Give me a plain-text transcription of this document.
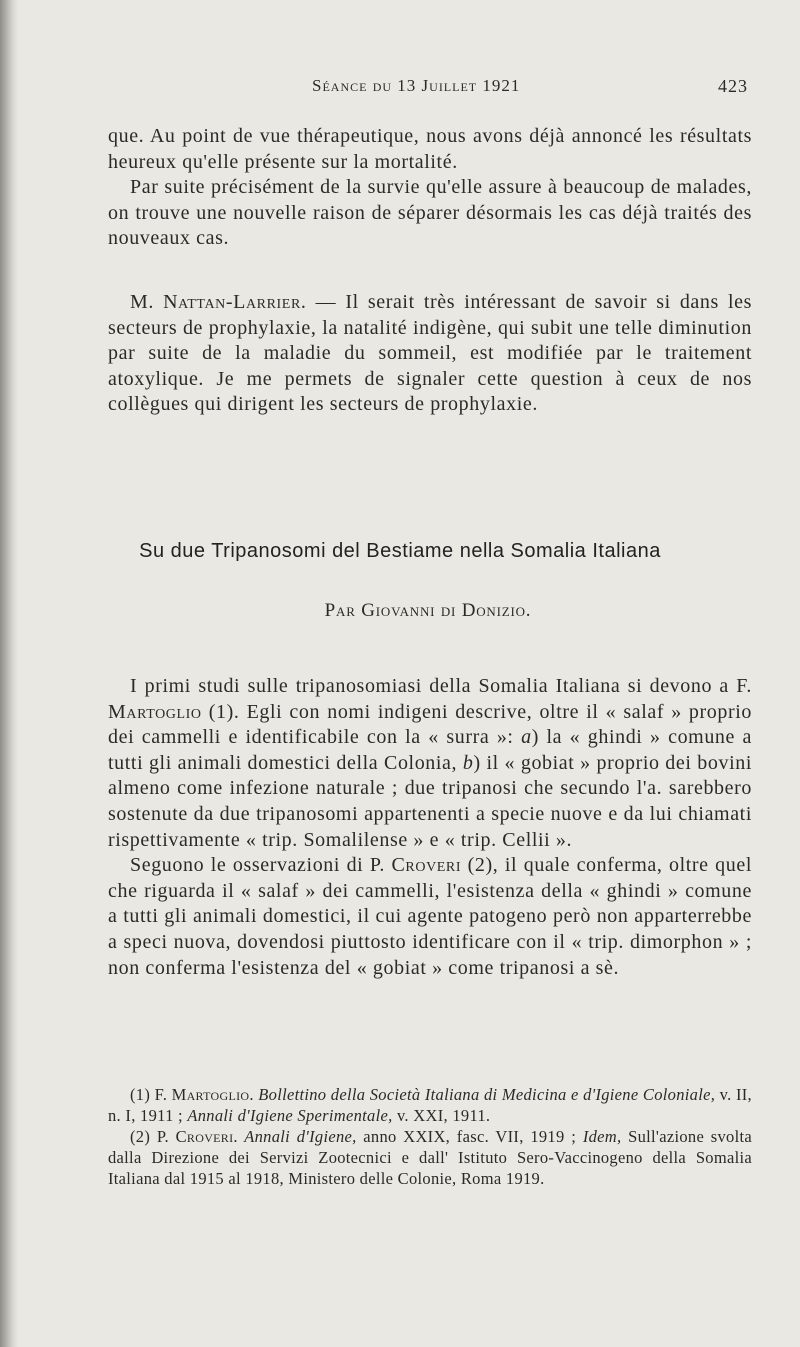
Séance du 13 Juillet 1921	423

que. Au point de vue thérapeutique, nous avons déjà annoncé les résultats heureux qu'elle présente sur la mortalité.

Par suite précisément de la survie qu'elle assure à beaucoup de malades, on trouve une nouvelle raison de séparer désormais les cas déjà traités des nouveaux cas.

M. Nattan-Larrier. — Il serait très intéressant de savoir si dans les secteurs de prophylaxie, la natalité indigène, qui subit une telle diminution par suite de la maladie du sommeil, est modifiée par le traitement atoxylique. Je me permets de signaler cette question à ceux de nos collègues qui dirigent les secteurs de prophylaxie.

Su due Tripanosomi del Bestiame nella Somalia Italiana
Par Giovanni di Donizio.

I primi studi sulle tripanosomiasi della Somalia Italiana si devono a F. Martoglio (1). Egli con nomi indigeni descrive, oltre il « salaf » proprio dei cammelli e identificabile con la « surra »: a) la « ghindi » comune a tutti gli animali domestici della Colonia, b) il « gobiat » proprio dei bovini almeno come infezione naturale ; due tripanosi che secundo l'a. sarebbero sostenute da due tripanosomi appartenenti a specie nuove e da lui chiamati rispettivamente « trip. Somalilense » e « trip. Cellii ».

Seguono le osservazioni di P. Croveri (2), il quale conferma, oltre quel che riguarda il « salaf » dei cammelli, l'esistenza della « ghindi » comune a tutti gli animali domestici, il cui agente patogeno però non apparterrebbe a speci nuova, dovendosi piuttosto identificare con il « trip. dimorphon » ; non conferma l'esistenza del « gobiat » come tripanosi a sè.

(1) F. Martoglio. Bollettino della Società Italiana di Medicina e d'Igiene Coloniale, v. II, n. I, 1911 ; Annali d'Igiene Sperimentale, v. XXI, 1911.

(2) P. Croveri. Annali d'Igiene, anno XXIX, fasc. VII, 1919 ; Idem, Sull'azione svolta dalla Direzione dei Servizi Zootecnici e dall' Istituto Sero-Vaccinogeno della Somalia Italiana dal 1915 al 1918, Ministero delle Colonie, Roma 1919.
